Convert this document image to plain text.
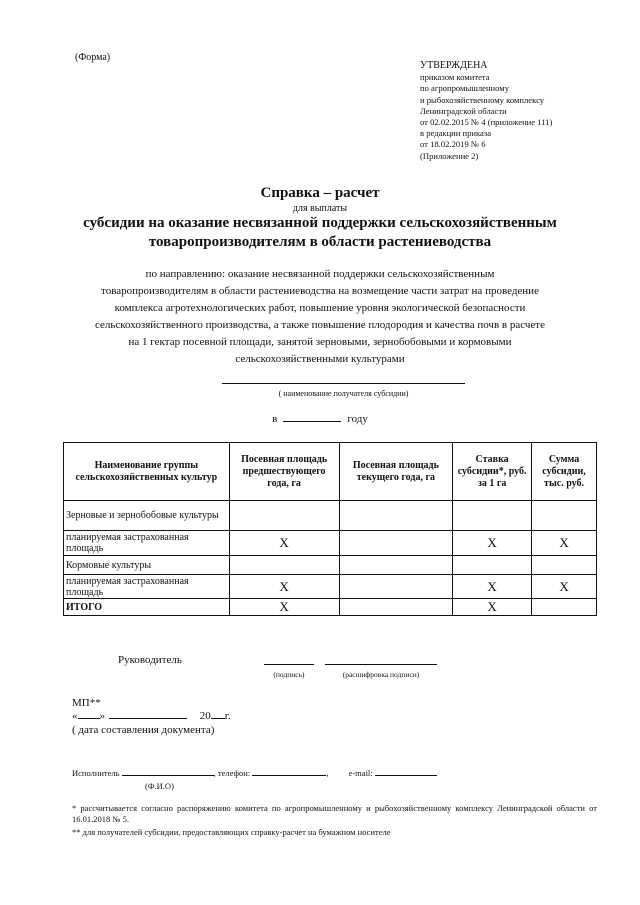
(Форма)
УТВЕРЖДЕНА
приказом комитета
по агропромышленному
и рыбохозяйственному комплексу
Ленинградской области
от 02.02.2015 № 4 (приложение 111)
в редакции приказа
от 18.02.2019 № 6
(Приложение 2)
Справка – расчет
для выплаты
субсидии на оказание несвязанной поддержки сельскохозяйственным
товаропроизводителям в области растениеводства
по направлению: оказание несвязанной поддержки сельскохозяйственным
товаропроизводителям в области растениеводства на возмещение части затрат на проведение
комплекса агротехнологических работ, повышение уровня экологической безопасности
сельскохозяйственного производства, а также повышение плодородия и качества почв в расчете
на 1 гектар посевной площади, занятой зерновыми, зернобобовыми и кормовыми
сельскохозяйственными культурами
( наименование получателя субсидии)
в	году
Наименование группы сельскохозяйственных культур	Посевная площадь предшествующего года, га	Посевная площадь текущего года, га	Ставка субсидии*, руб. за 1 га	Сумма субсидии, тыс. руб.
Зерновые и зернобобовые культуры				
планируемая застрахованная площадь	Х		Х	Х
Кормовые культуры				
планируемая застрахованная площадь	Х		Х	Х
ИТОГО	Х		Х	
Руководитель
(подпись)	(расшифровка подписи)
МП**
« »	20 г.
( дата составления документа)
Исполнитель	, телефон:	, e-mail:
(Ф.И.О)
* рассчитывается согласно распоряжению комитета по агропромышленному и рыбохозяйственному комплексу Ленинградской области от 16.01.2018 № 5.
** для получателей субсидии, предоставляющих справку-расчет на бумажном носителе
